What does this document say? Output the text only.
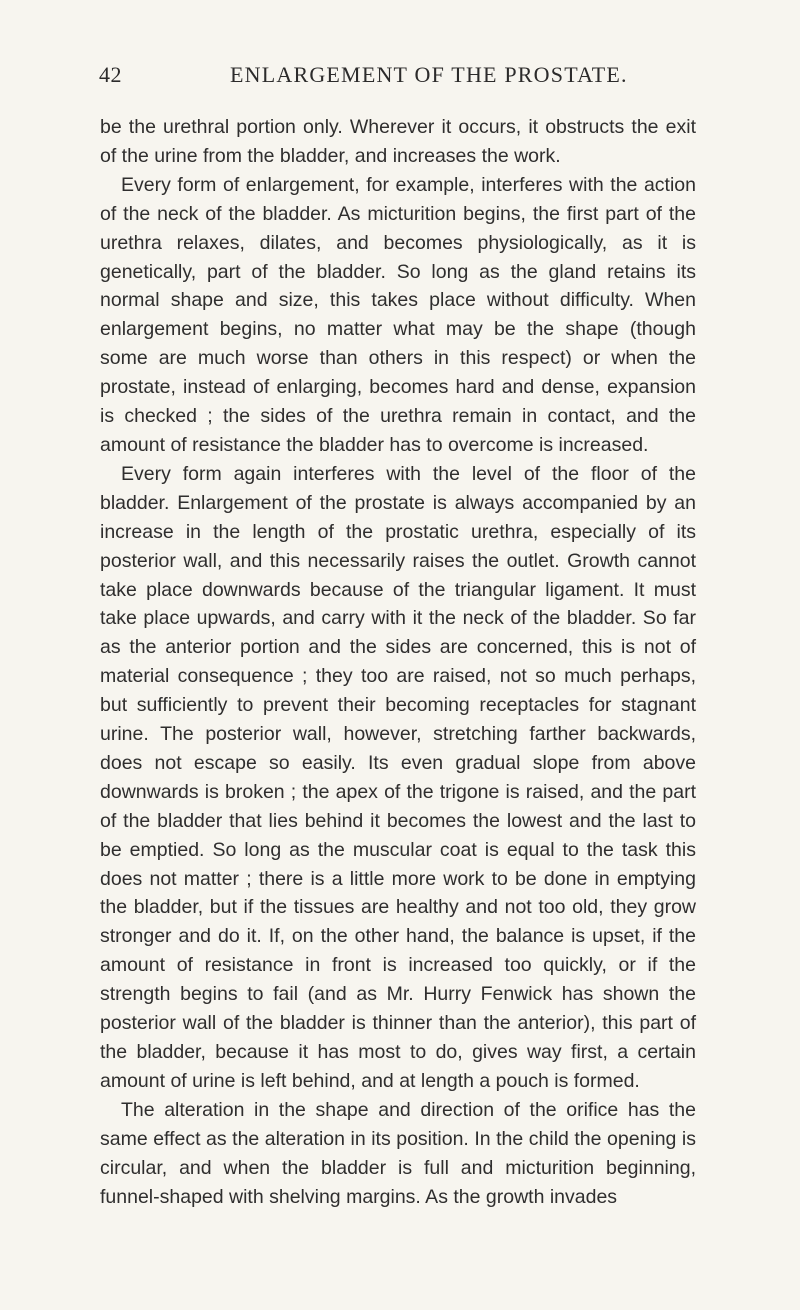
42	ENLARGEMENT OF THE PROSTATE.

be the urethral portion only. Wherever it occurs, it obstructs the exit of the urine from the bladder, and increases the work.

Every form of enlargement, for example, interferes with the action of the neck of the bladder. As micturition begins, the first part of the urethra relaxes, dilates, and becomes physiologically, as it is genetically, part of the bladder. So long as the gland retains its normal shape and size, this takes place without difficulty. When enlargement begins, no matter what may be the shape (though some are much worse than others in this respect) or when the prostate, instead of enlarging, becomes hard and dense, expansion is checked ; the sides of the urethra remain in contact, and the amount of resistance the bladder has to overcome is increased.

Every form again interferes with the level of the floor of the bladder. Enlargement of the prostate is always accompanied by an increase in the length of the prostatic urethra, especially of its posterior wall, and this necessarily raises the outlet. Growth cannot take place downwards because of the triangular ligament. It must take place upwards, and carry with it the neck of the bladder. So far as the anterior portion and the sides are concerned, this is not of material consequence ; they too are raised, not so much perhaps, but sufficiently to prevent their becoming receptacles for stagnant urine. The posterior wall, however, stretching farther backwards, does not escape so easily. Its even gradual slope from above downwards is broken ; the apex of the trigone is raised, and the part of the bladder that lies behind it becomes the lowest and the last to be emptied. So long as the muscular coat is equal to the task this does not matter ; there is a little more work to be done in emptying the bladder, but if the tissues are healthy and not too old, they grow stronger and do it. If, on the other hand, the balance is upset, if the amount of resistance in front is increased too quickly, or if the strength begins to fail (and as Mr. Hurry Fenwick has shown the posterior wall of the bladder is thinner than the anterior), this part of the bladder, because it has most to do, gives way first, a certain amount of urine is left behind, and at length a pouch is formed.

The alteration in the shape and direction of the orifice has the same effect as the alteration in its position. In the child the opening is circular, and when the bladder is full and micturition beginning, funnel-shaped with shelving margins. As the growth invades
